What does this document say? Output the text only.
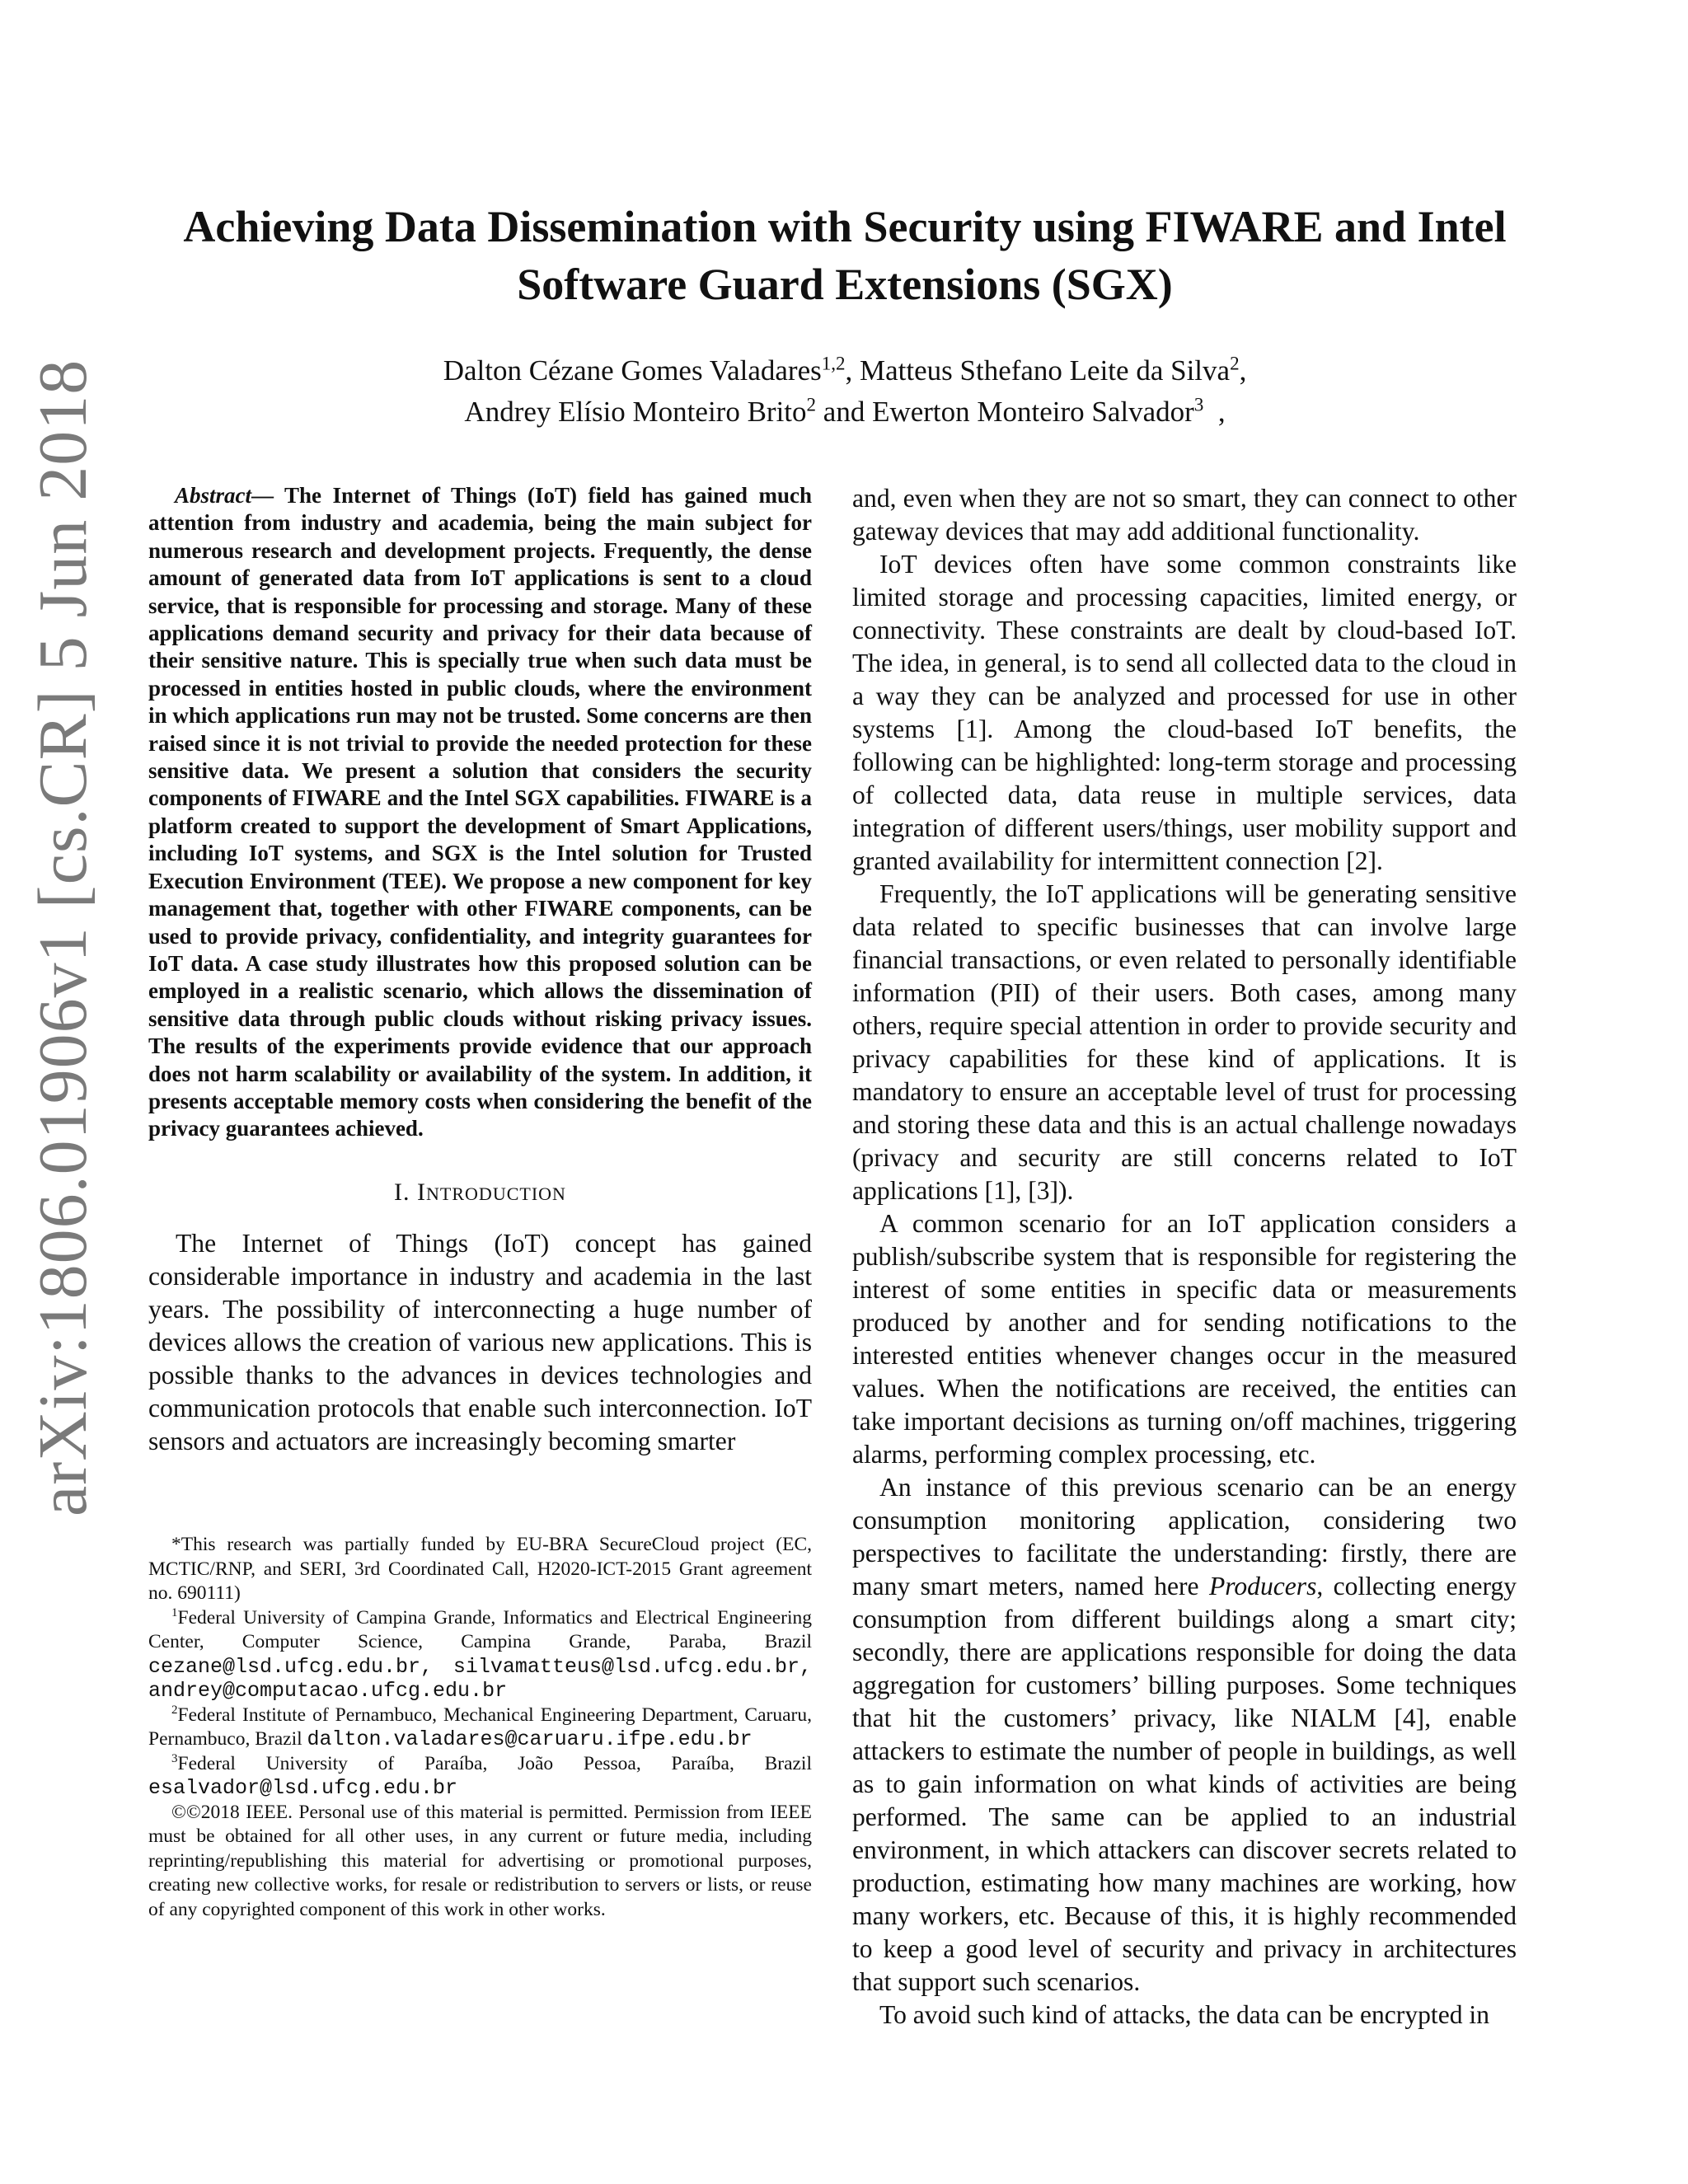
arXiv:1806.01906v1 [cs.CR] 5 Jun 2018
Achieving Data Dissemination with Security using FIWARE and Intel Software Guard Extensions (SGX)
Dalton Cézane Gomes Valadares$^{1,2}$, Matteus Sthefano Leite da Silva$^2$,
Andrey Elísio Monteiro Brito$^2$ and Ewerton Monteiro Salvador$^3$  ,

Abstract— The Internet of Things (IoT) field has gained much attention from industry and academia, being the main subject for numerous research and development projects. Frequently, the dense amount of generated data from IoT applications is sent to a cloud service, that is responsible for processing and storage. Many of these applications demand security and privacy for their data because of their sensitive nature. This is specially true when such data must be processed in entities hosted in public clouds, where the environment in which applications run may not be trusted. Some concerns are then raised since it is not trivial to provide the needed protection for these sensitive data. We present a solution that considers the security components of FIWARE and the Intel SGX capabilities. FIWARE is a platform created to support the development of Smart Applications, including IoT systems, and SGX is the Intel solution for Trusted Execution Environment (TEE). We propose a new component for key management that, together with other FIWARE components, can be used to provide privacy, confidentiality, and integrity guarantees for IoT data. A case study illustrates how this proposed solution can be employed in a realistic scenario, which allows the dissemination of sensitive data through public clouds without risking privacy issues. The results of the experiments provide evidence that our approach does not harm scalability or availability of the system. In addition, it presents acceptable memory costs when considering the benefit of the privacy guarantees achieved.

I. INTRODUCTION

The Internet of Things (IoT) concept has gained considerable importance in industry and academia in the last years. The possibility of interconnecting a huge number of devices allows the creation of various new applications. This is possible thanks to the advances in devices technologies and communication protocols that enable such interconnection. IoT sensors and actuators are increasingly becoming smarter

*This research was partially funded by EU-BRA SecureCloud project (EC, MCTIC/RNP, and SERI, 3rd Coordinated Call, H2020-ICT-2015 Grant agreement no. 690111)

$^1$Federal University of Campina Grande, Informatics and Electrical Engineering Center, Computer Science, Campina Grande, Paraba, Brazil cezane@lsd.ufcg.edu.br, silvamatteus@lsd.ufcg.edu.br, andrey@computacao.ufcg.edu.br

$^2$Federal Institute of Pernambuco, Mechanical Engineering Department, Caruaru, Pernambuco, Brazil dalton.valadares@caruaru.ifpe.edu.br

$^3$Federal University of Paraíba, João Pessoa, Paraíba, Brazil esalvador@lsd.ufcg.edu.br

©©2018 IEEE. Personal use of this material is permitted. Permission from IEEE must be obtained for all other uses, in any current or future media, including reprinting/republishing this material for advertising or promotional purposes, creating new collective works, for resale or redistribution to servers or lists, or reuse of any copyrighted component of this work in other works.

and, even when they are not so smart, they can connect to other gateway devices that may add additional functionality.

IoT devices often have some common constraints like limited storage and processing capacities, limited energy, or connectivity. These constraints are dealt by cloud-based IoT. The idea, in general, is to send all collected data to the cloud in a way they can be analyzed and processed for use in other systems [1]. Among the cloud-based IoT benefits, the following can be highlighted: long-term storage and processing of collected data, data reuse in multiple services, data integration of different users/things, user mobility support and granted availability for intermittent connection [2].

Frequently, the IoT applications will be generating sensitive data related to specific businesses that can involve large financial transactions, or even related to personally identifiable information (PII) of their users. Both cases, among many others, require special attention in order to provide security and privacy capabilities for these kind of applications. It is mandatory to ensure an acceptable level of trust for processing and storing these data and this is an actual challenge nowadays (privacy and security are still concerns related to IoT applications [1], [3]).

A common scenario for an IoT application considers a publish/subscribe system that is responsible for registering the interest of some entities in specific data or measurements produced by another and for sending notifications to the interested entities whenever changes occur in the measured values. When the notifications are received, the entities can take important decisions as turning on/off machines, triggering alarms, performing complex processing, etc.

An instance of this previous scenario can be an energy consumption monitoring application, considering two perspectives to facilitate the understanding: firstly, there are many smart meters, named here Producers, collecting energy consumption from different buildings along a smart city; secondly, there are applications responsible for doing the data aggregation for customers’ billing purposes. Some techniques that hit the customers’ privacy, like NIALM [4], enable attackers to estimate the number of people in buildings, as well as to gain information on what kinds of activities are being performed. The same can be applied to an industrial environment, in which attackers can discover secrets related to production, estimating how many machines are working, how many workers, etc. Because of this, it is highly recommended to keep a good level of security and privacy in architectures that support such scenarios.

To avoid such kind of attacks, the data can be encrypted in
